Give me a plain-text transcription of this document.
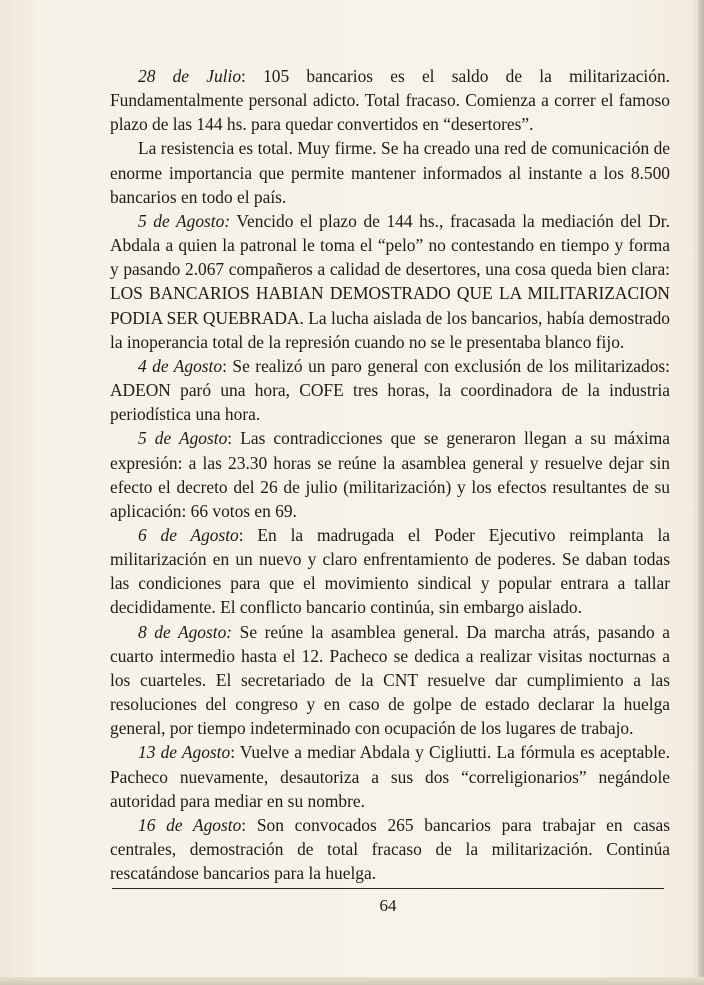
28 de Julio: 105 bancarios es el saldo de la militarización. Fundamentalmente personal adicto. Total fracaso. Comienza a correr el famoso plazo de las 144 hs. para quedar convertidos en “desertores”.

La resistencia es total. Muy firme. Se ha creado una red de comunicación de enorme importancia que permite mantener informados al instante a los 8.500 bancarios en todo el país.

5 de Agosto: Vencido el plazo de 144 hs., fracasada la mediación del Dr. Abdala a quien la patronal le toma el “pelo” no contestando en tiempo y forma y pasando 2.067 compañeros a calidad de desertores, una cosa queda bien clara: LOS BANCARIOS HABIAN DEMOSTRADO QUE LA MILITARIZACION PODIA SER QUEBRADA. La lucha aislada de los bancarios, había demostrado la inoperancia total de la represión cuando no se le presentaba blanco fijo.

4 de Agosto: Se realizó un paro general con exclusión de los militarizados: ADEON paró una hora, COFE tres horas, la coordinadora de la industria periodística una hora.

5 de Agosto: Las contradicciones que se generaron llegan a su máxima expresión: a las 23.30 horas se reúne la asamblea general y resuelve dejar sin efecto el decreto del 26 de julio (militarización) y los efectos resultantes de su aplicación: 66 votos en 69.

6 de Agosto: En la madrugada el Poder Ejecutivo reimplanta la militarización en un nuevo y claro enfrentamiento de poderes. Se daban todas las condiciones para que el movimiento sindical y popular entrara a tallar decididamente. El conflicto bancario continúa, sin embargo aislado.

8 de Agosto: Se reúne la asamblea general. Da marcha atrás, pasando a cuarto intermedio hasta el 12. Pacheco se dedica a realizar visitas nocturnas a los cuarteles. El secretariado de la CNT resuelve dar cumplimiento a las resoluciones del congreso y en caso de golpe de estado declarar la huelga general, por tiempo indeterminado con ocupación de los lugares de trabajo.

13 de Agosto: Vuelve a mediar Abdala y Cigliutti. La fórmula es aceptable. Pacheco nuevamente, desautoriza a sus dos “correligionarios” negándole autoridad para mediar en su nombre.

16 de Agosto: Son convocados 265 bancarios para trabajar en casas centrales, demostración de total fracaso de la militarización. Continúa rescatándose bancarios para la huelga.

64
